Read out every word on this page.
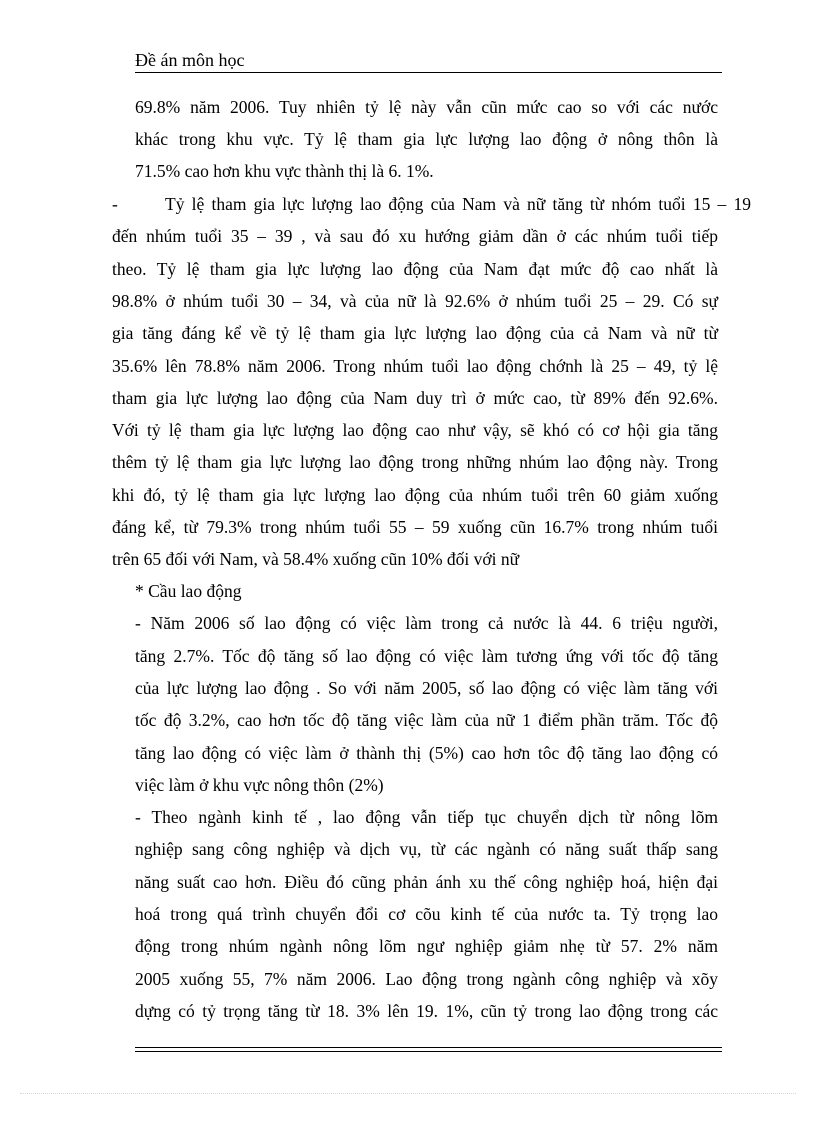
Đề án môn học
69.8% năm 2006. Tuy nhiên tỷ lệ này vẫn cũn mức cao so với các nước
khác trong khu vực. Tỷ lệ tham gia lực lượng lao động ở nông thôn là
71.5% cao hơn khu vực thành thị là 6. 1%.
-	Tỷ lệ tham gia lực lượng lao động của Nam và nữ tăng từ nhóm tuổi 15 – 19
đến nhúm tuổi 35 – 39 , và sau đó xu hướng giảm dần ở các nhúm tuổi tiếp
theo. Tỷ lệ tham gia lực lượng lao động của Nam đạt mức độ cao nhất là
98.8% ở nhúm tuổi 30 – 34, và của nữ là 92.6% ở nhúm tuổi 25 – 29. Có sự
gia tăng đáng kể về tỷ lệ tham gia lực lượng lao động của cả Nam và nữ từ
35.6% lên 78.8% năm 2006. Trong nhúm tuổi lao động chớnh là 25 – 49, tỷ lệ
tham gia lực lượng lao động của Nam duy trì ở mức cao, từ 89% đến 92.6%.
Với tỷ lệ tham gia lực lượng lao động cao như vậy, sẽ khó có cơ hội gia tăng
thêm tỷ lệ tham gia lực lượng lao động trong những nhúm lao động này. Trong
khi đó, tỷ lệ tham gia lực lượng lao động của nhúm tuổi trên 60 giảm xuống
đáng kể, từ 79.3% trong nhúm tuổi 55 – 59 xuống cũn 16.7% trong nhúm tuổi
trên 65 đối với Nam, và 58.4% xuống cũn 10% đối với nữ
* Cầu lao động
- Năm 2006 số lao động có việc làm trong cả nước là 44. 6 triệu người,
tăng 2.7%. Tốc độ tăng số lao động có việc làm tương ứng với tốc độ tăng
của lực lượng lao động . So với năm 2005, số lao động có việc làm tăng với
tốc độ 3.2%, cao hơn tốc độ tăng việc làm của nữ 1 điểm phần trăm. Tốc độ
tăng lao động có việc làm ở thành thị (5%) cao hơn tôc độ tăng lao động có
việc làm ở khu vực nông thôn (2%)
- Theo ngành kinh tế , lao động vẫn tiếp tục chuyển dịch từ nông lõm
nghiệp sang công nghiệp và dịch vụ, từ các ngành có năng suất thấp sang
năng suất cao hơn. Điều đó cũng phản ánh xu thế công nghiệp hoá, hiện đại
hoá trong quá trình chuyển đổi cơ cõu kinh tế của nước ta. Tỷ trọng lao
động trong nhúm ngành nông lõm ngư nghiệp giảm nhẹ từ 57. 2% năm
2005 xuống 55, 7% năm 2006. Lao động trong ngành công nghiệp và xõy
dựng có tỷ trọng tăng từ 18. 3% lên 19. 1%, cũn tỷ trong lao động trong các
